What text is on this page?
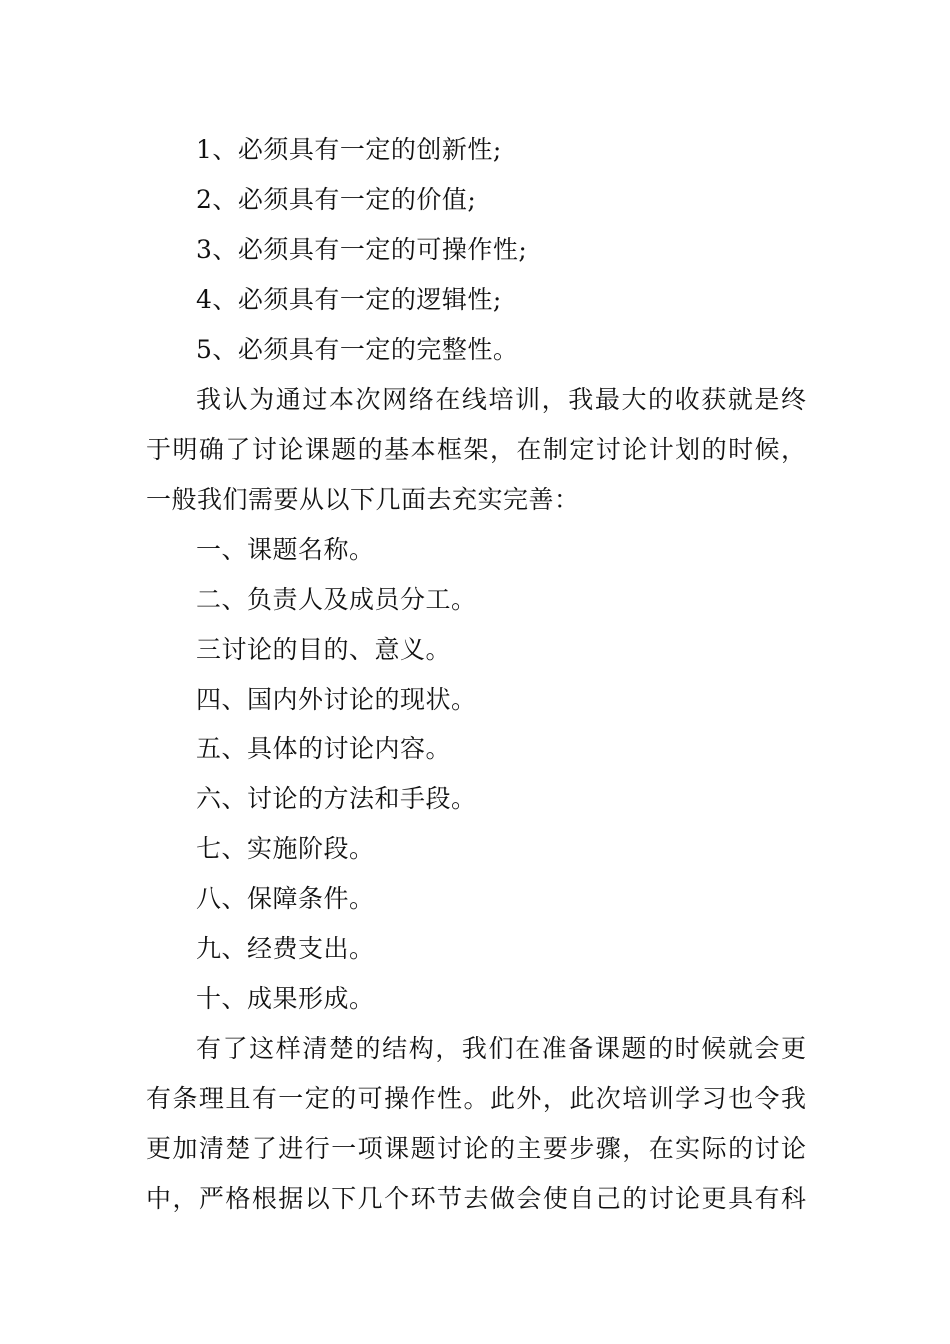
1、必须具有一定的创新性;
2、必须具有一定的价值;
3、必须具有一定的可操作性;
4、必须具有一定的逻辑性;
5、必须具有一定的完整性。
我认为通过本次网络在线培训，我最大的收获就是终
于明确了讨论课题的基本框架，在制定讨论计划的时候，
一般我们需要从以下几面去充实完善：
一、课题名称。
二、负责人及成员分工。
三讨论的目的、意义。
四、国内外讨论的现状。
五、具体的讨论内容。
六、讨论的方法和手段。
七、实施阶段。
八、保障条件。
九、经费支出。
十、成果形成。
有了这样清楚的结构，我们在准备课题的时候就会更
有条理且有一定的可操作性。此外，此次培训学习也令我
更加清楚了进行一项课题讨论的主要步骤，在实际的讨论
中，严格根据以下几个环节去做会使自己的讨论更具有科
